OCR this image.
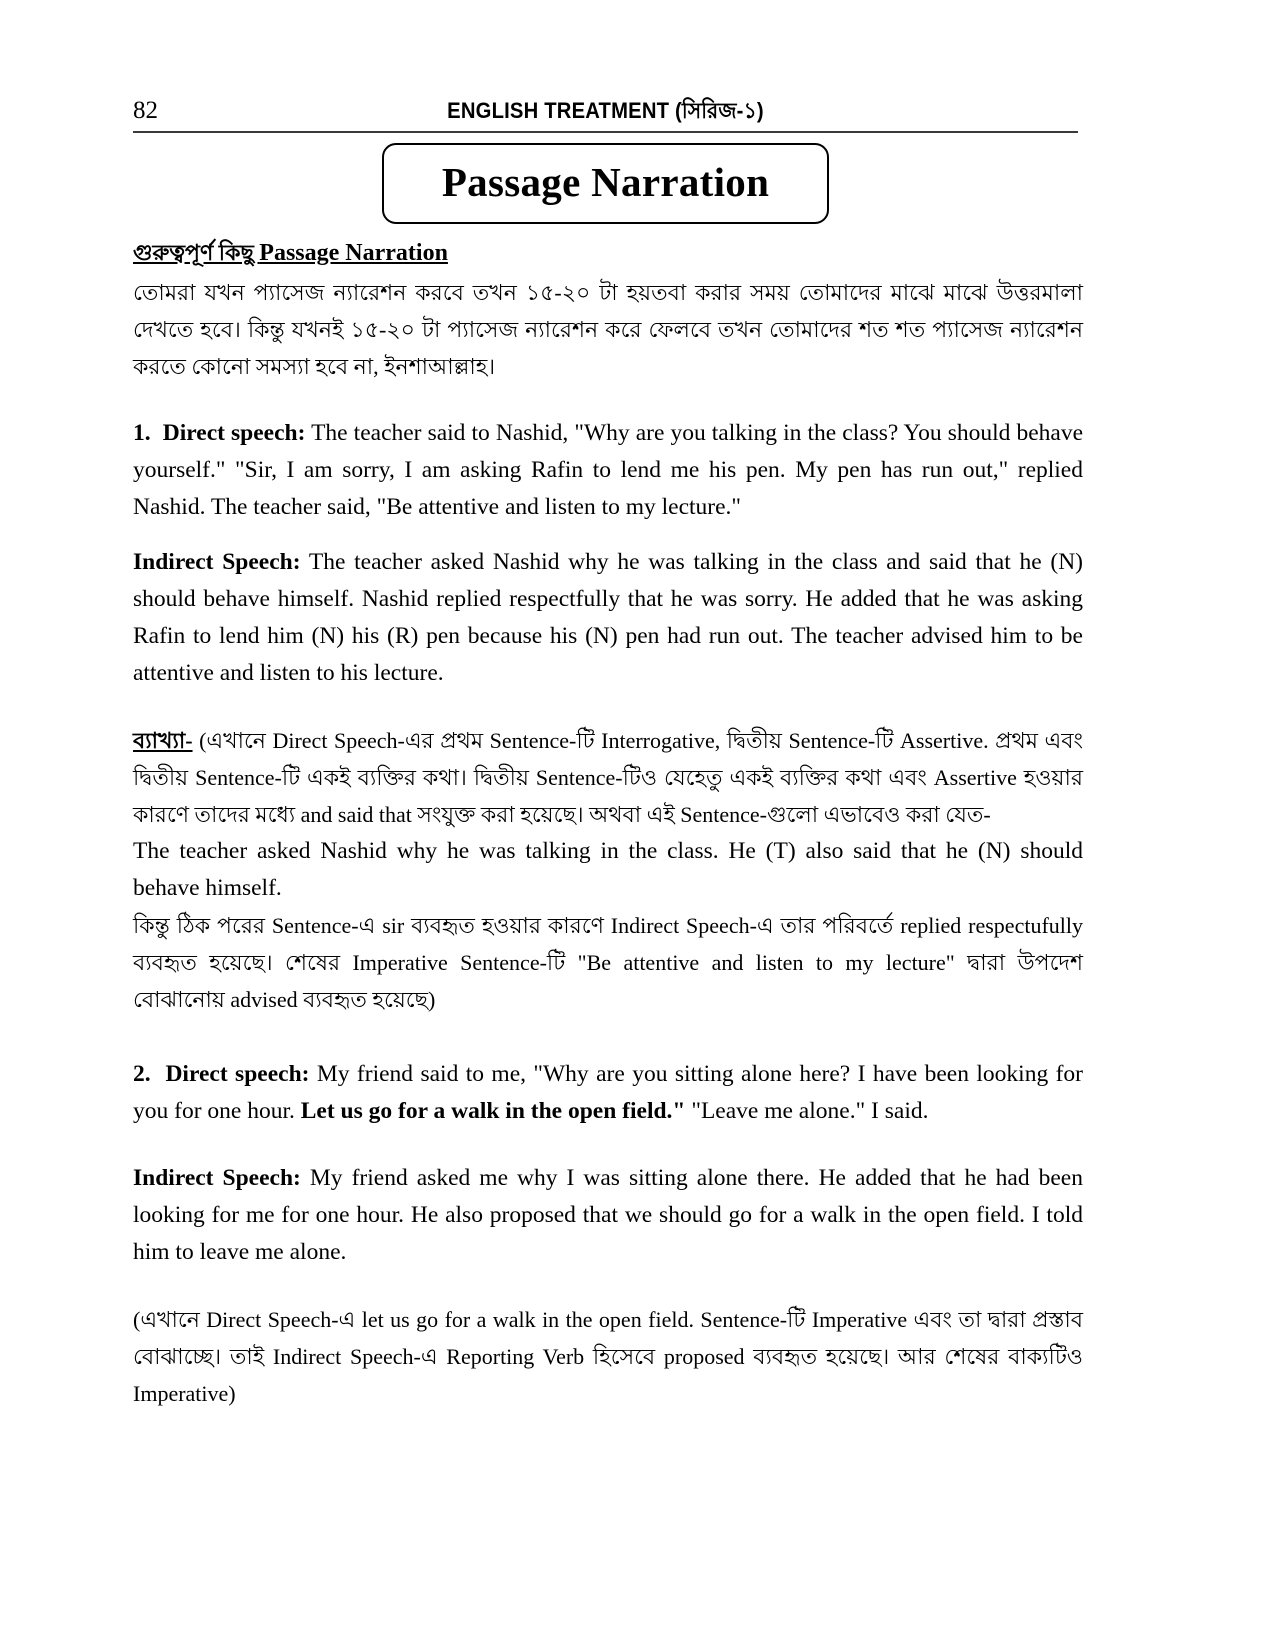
82	ENGLISH TREATMENT (সিরিজ-১)
Passage Narration
গুরুত্বপূর্ণ কিছু Passage Narration

তোমরা যখন প্যাসেজ ন্যারেশন করবে তখন ১৫-২০ টা হয়তবা করার সময় তোমাদের মাঝে মাঝে উত্তরমালা দেখতে হবে। কিন্তু যখনই ১৫-২০ টা প্যাসেজ ন্যারেশন করে ফেলবে তখন তোমাদের শত শত প্যাসেজ ন্যারেশন করতে কোনো সমস্যা হবে না, ইনশাআল্লাহ।

1. Direct speech: The teacher said to Nashid, "Why are you talking in the class? You should behave yourself." "Sir, I am sorry, I am asking Rafin to lend me his pen. My pen has run out," replied Nashid. The teacher said, "Be attentive and listen to my lecture."

Indirect Speech: The teacher asked Nashid why he was talking in the class and said that he (N) should behave himself. Nashid replied respectfully that he was sorry. He added that he was asking Rafin to lend him (N) his (R) pen because his (N) pen had run out. The teacher advised him to be attentive and listen to his lecture.

ব্যাখ্যা- (এখানে Direct Speech-এর প্রথম Sentence-টি Interrogative, দ্বিতীয় Sentence-টি Assertive. প্রথম এবং দ্বিতীয় Sentence-টি একই ব্যক্তির কথা। দ্বিতীয় Sentence-টিও যেহেতু একই ব্যক্তির কথা এবং Assertive হওয়ার কারণে তাদের মধ্যে and said that সংযুক্ত করা হয়েছে। অথবা এই Sentence-গুলো এভাবেও করা যেত-

The teacher asked Nashid why he was talking in the class. He (T) also said that he (N) should behave himself.

কিন্তু ঠিক পরের Sentence-এ sir ব্যবহৃত হওয়ার কারণে Indirect Speech-এ তার পরিবর্তে replied respectufully ব্যবহৃত হয়েছে। শেষের Imperative Sentence-টি "Be attentive and listen to my lecture" দ্বারা উপদেশ বোঝানোয় advised ব্যবহৃত হয়েছে)

2. Direct speech: My friend said to me, "Why are you sitting alone here? I have been looking for you for one hour. Let us go for a walk in the open field." "Leave me alone." I said.

Indirect Speech: My friend asked me why I was sitting alone there. He added that he had been looking for me for one hour. He also proposed that we should go for a walk in the open field. I told him to leave me alone.

(এখানে Direct Speech-এ let us go for a walk in the open field. Sentence-টি Imperative এবং তা দ্বারা প্রস্তাব বোঝাচ্ছে। তাই Indirect Speech-এ Reporting Verb হিসেবে proposed ব্যবহৃত হয়েছে। আর শেষের বাক্যটিও Imperative)
